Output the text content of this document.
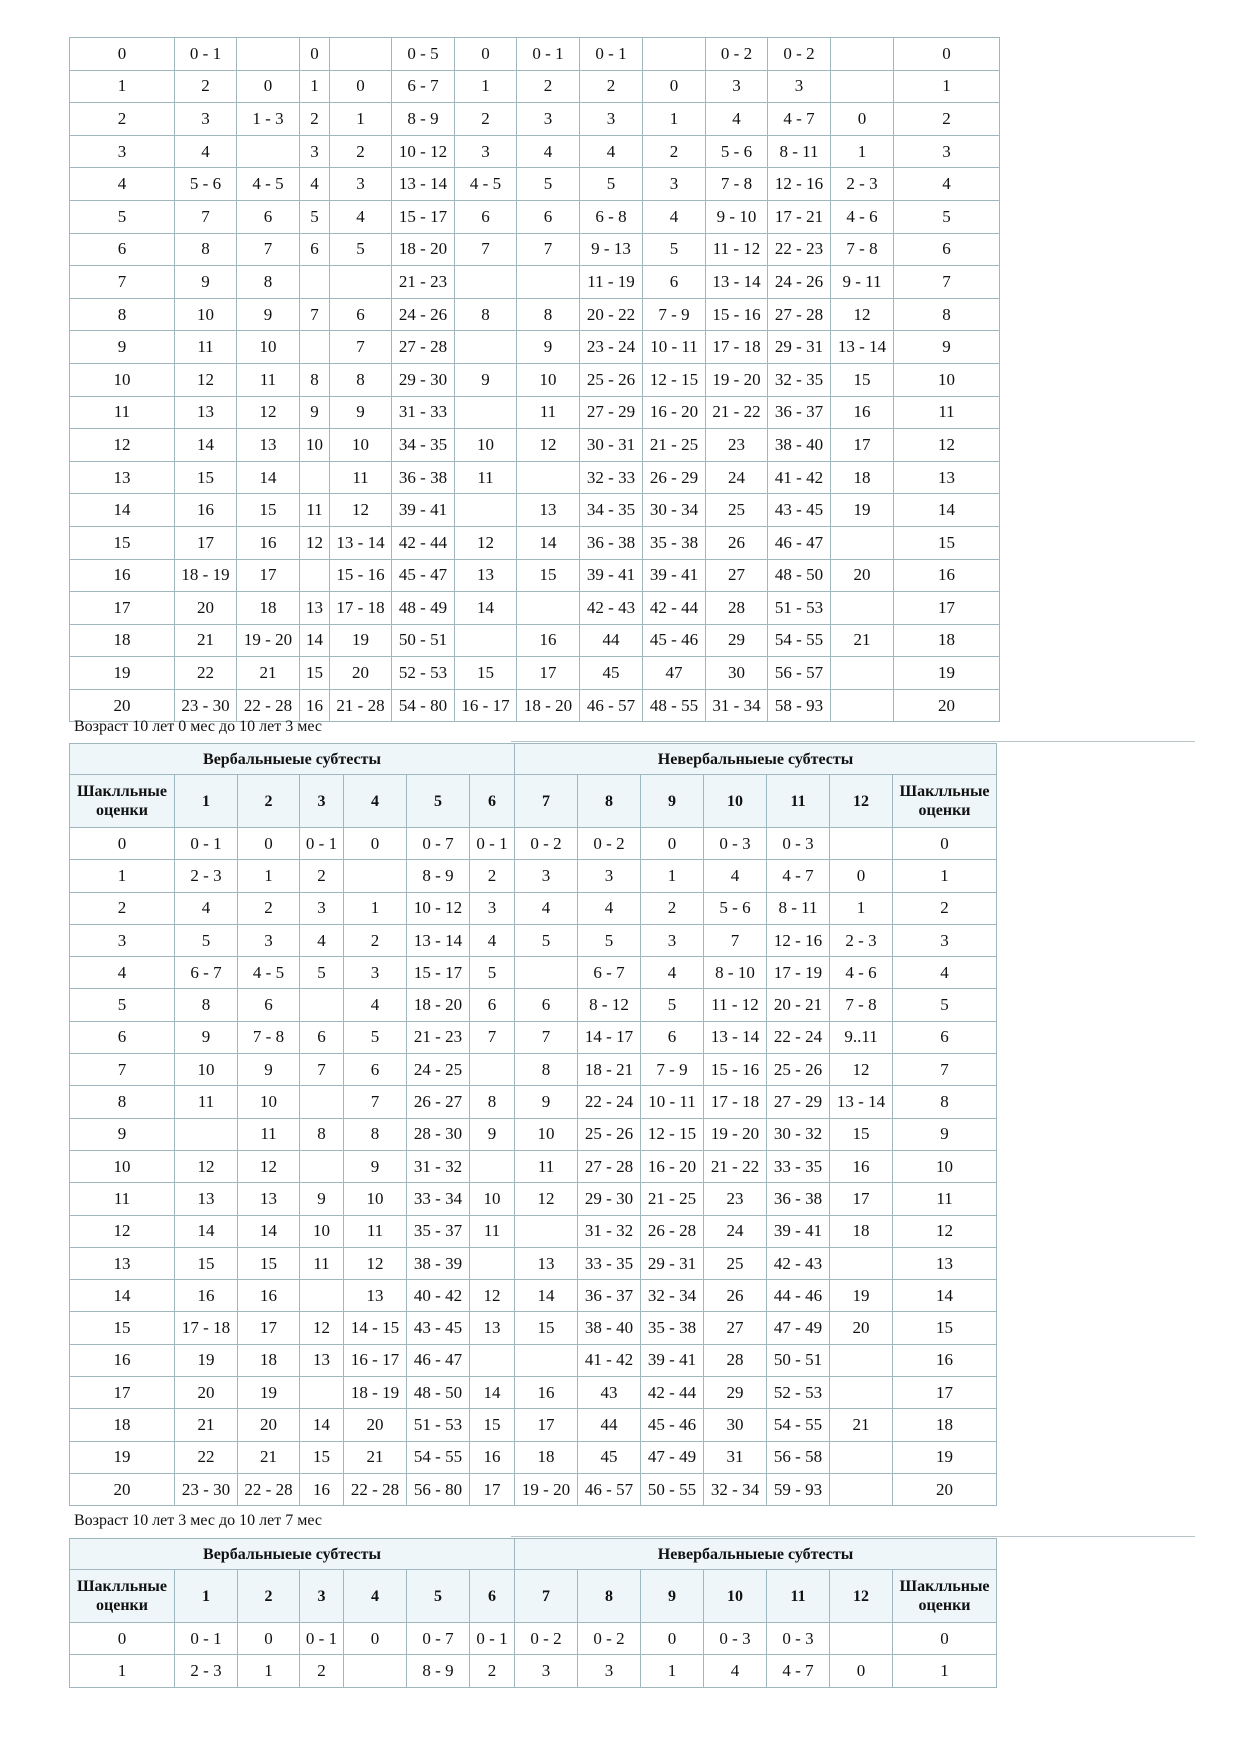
0	0 - 1		0		0 - 5	0	0 - 1	0 - 1		0 - 2	0 - 2		0
1	2	0	1	0	6 - 7	1	2	2	0	3	3		1
2	3	1 - 3	2	1	8 - 9	2	3	3	1	4	4 - 7	0	2
3	4		3	2	10 - 12	3	4	4	2	5 - 6	8 - 11	1	3
4	5 - 6	4 - 5	4	3	13 - 14	4 - 5	5	5	3	7 - 8	12 - 16	2 - 3	4
5	7	6	5	4	15 - 17	6	6	6 - 8	4	9 - 10	17 - 21	4 - 6	5
6	8	7	6	5	18 - 20	7	7	9 - 13	5	11 - 12	22 - 23	7 - 8	6
7	9	8			21 - 23			11 - 19	6	13 - 14	24 - 26	9 - 11	7
8	10	9	7	6	24 - 26	8	8	20 - 22	7 - 9	15 - 16	27 - 28	12	8
9	11	10		7	27 - 28		9	23 - 24	10 - 11	17 - 18	29 - 31	13 - 14	9
10	12	11	8	8	29 - 30	9	10	25 - 26	12 - 15	19 - 20	32 - 35	15	10
11	13	12	9	9	31 - 33		11	27 - 29	16 - 20	21 - 22	36 - 37	16	11
12	14	13	10	10	34 - 35	10	12	30 - 31	21 - 25	23	38 - 40	17	12
13	15	14		11	36 - 38	11		32 - 33	26 - 29	24	41 - 42	18	13
14	16	15	11	12	39 - 41		13	34 - 35	30 - 34	25	43 - 45	19	14
15	17	16	12	13 - 14	42 - 44	12	14	36 - 38	35 - 38	26	46 - 47		15
16	18 - 19	17		15 - 16	45 - 47	13	15	39 - 41	39 - 41	27	48 - 50	20	16
17	20	18	13	17 - 18	48 - 49	14		42 - 43	42 - 44	28	51 - 53		17
18	21	19 - 20	14	19	50 - 51		16	44	45 - 46	29	54 - 55	21	18
19	22	21	15	20	52 - 53	15	17	45	47	30	56 - 57		19
20	23 - 30	22 - 28	16	21 - 28	54 - 80	16 - 17	18 - 20	46 - 57	48 - 55	31 - 34	58 - 93		20
Возраст 10 лет 0 мес до 10 лет 3 мес
Вербальныеые субтесты							Невербальныеые субтесты						
Шаклльные оценки	1	2	3	4	5	6	7	8	9	10	11	12	Шаклльные оценки
0	0 - 1	0	0 - 1	0	0 - 7	0 - 1	0 - 2	0 - 2	0	0 - 3	0 - 3		0
1	2 - 3	1	2		8 - 9	2	3	3	1	4	4 - 7	0	1
2	4	2	3	1	10 - 12	3	4	4	2	5 - 6	8 - 11	1	2
3	5	3	4	2	13 - 14	4	5	5	3	7	12 - 16	2 - 3	3
4	6 - 7	4 - 5	5	3	15 - 17	5		6 - 7	4	8 - 10	17 - 19	4 - 6	4
5	8	6		4	18 - 20	6	6	8 - 12	5	11 - 12	20 - 21	7 - 8	5
6	9	7 - 8	6	5	21 - 23	7	7	14 - 17	6	13 - 14	22 - 24	9..11	6
7	10	9	7	6	24 - 25		8	18 - 21	7 - 9	15 - 16	25 - 26	12	7
8	11	10		7	26 - 27	8	9	22 - 24	10 - 11	17 - 18	27 - 29	13 - 14	8
9		11	8	8	28 - 30	9	10	25 - 26	12 - 15	19 - 20	30 - 32	15	9
10	12	12		9	31 - 32		11	27 - 28	16 - 20	21 - 22	33 - 35	16	10
11	13	13	9	10	33 - 34	10	12	29 - 30	21 - 25	23	36 - 38	17	11
12	14	14	10	11	35 - 37	11		31 - 32	26 - 28	24	39 - 41	18	12
13	15	15	11	12	38 - 39		13	33 - 35	29 - 31	25	42 - 43		13
14	16	16		13	40 - 42	12	14	36 - 37	32 - 34	26	44 - 46	19	14
15	17 - 18	17	12	14 - 15	43 - 45	13	15	38 - 40	35 - 38	27	47 - 49	20	15
16	19	18	13	16 - 17	46 - 47			41 - 42	39 - 41	28	50 - 51		16
17	20	19		18 - 19	48 - 50	14	16	43	42 - 44	29	52 - 53		17
18	21	20	14	20	51 - 53	15	17	44	45 - 46	30	54 - 55	21	18
19	22	21	15	21	54 - 55	16	18	45	47 - 49	31	56 - 58		19
20	23 - 30	22 - 28	16	22 - 28	56 - 80	17	19 - 20	46 - 57	50 - 55	32 - 34	59 - 93		20
Возраст 10 лет 3 мес до 10 лет 7 мес
Вербальныеые субтесты							Невербальныеые субтесты						
Шаклльные оценки	1	2	3	4	5	6	7	8	9	10	11	12	Шаклльные оценки
0	0 - 1	0	0 - 1	0	0 - 7	0 - 1	0 - 2	0 - 2	0	0 - 3	0 - 3		0
1	2 - 3	1	2		8 - 9	2	3	3	1	4	4 - 7	0	1
